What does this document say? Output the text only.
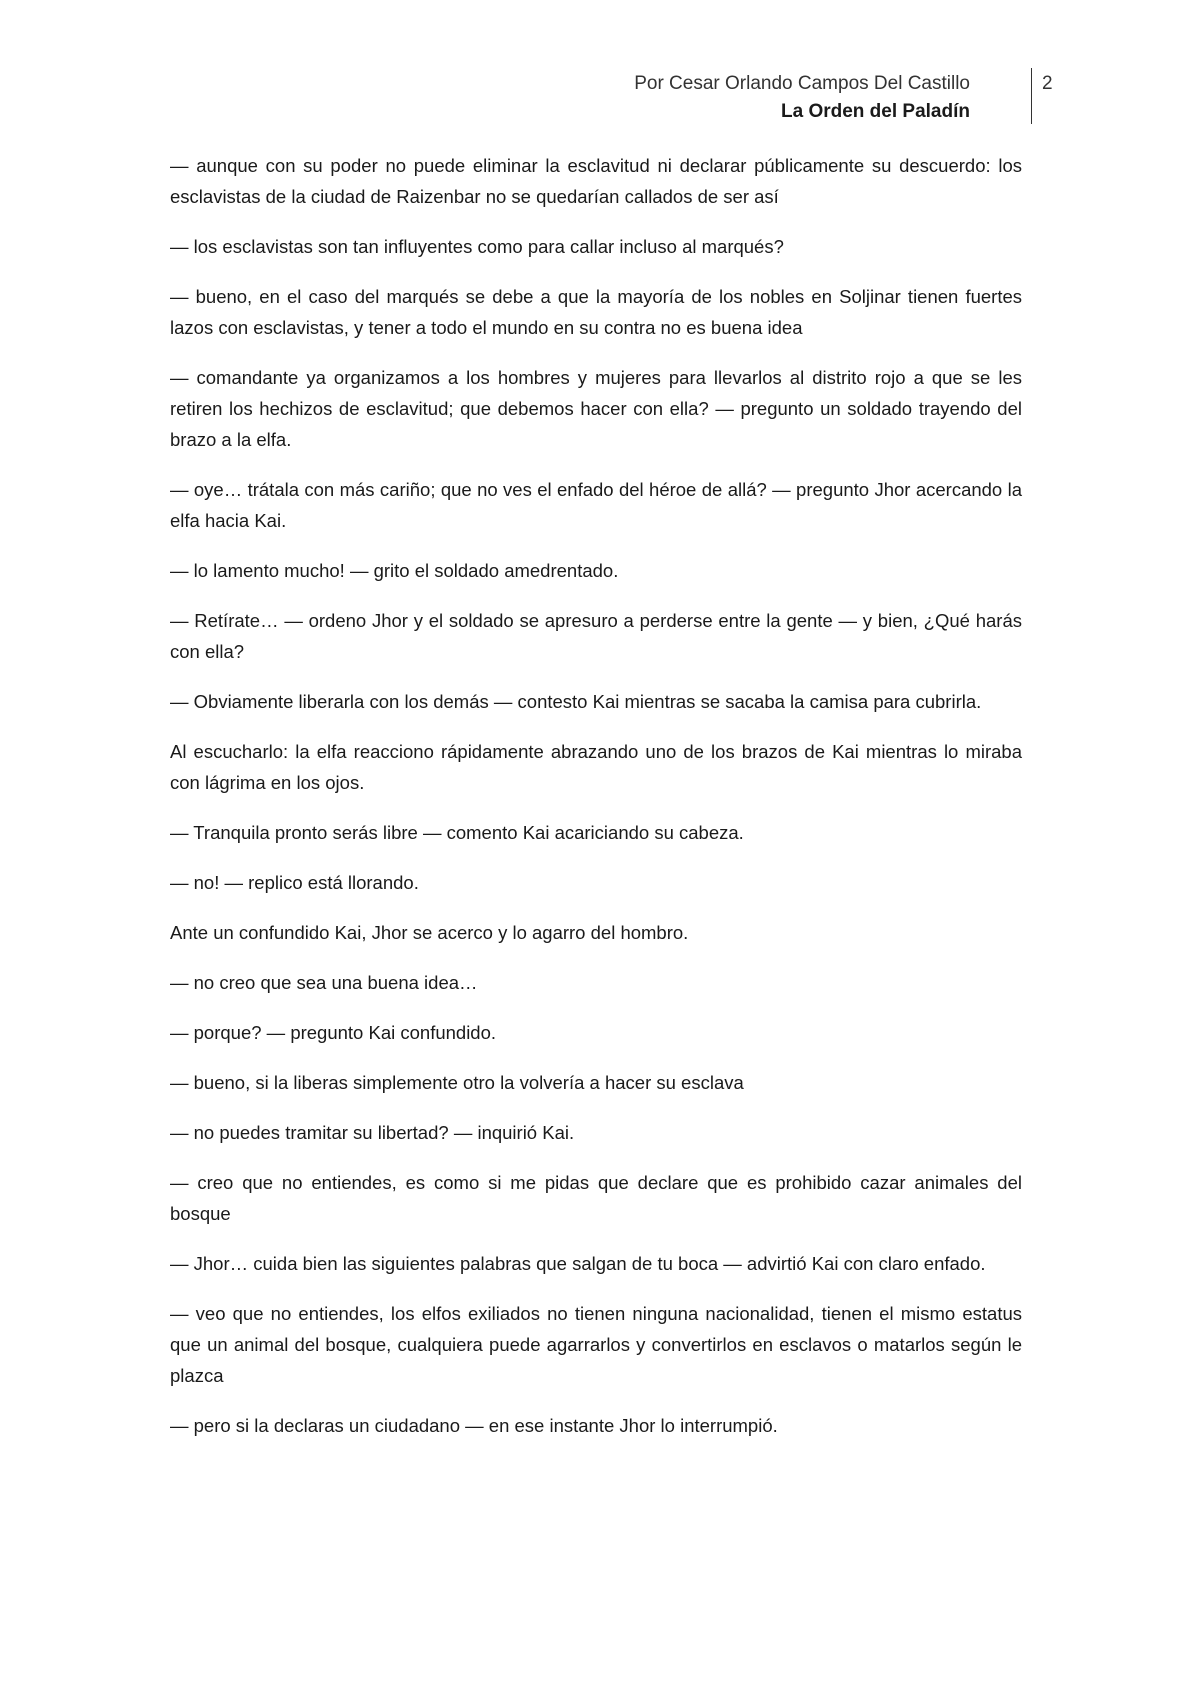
Por Cesar Orlando Campos Del Castillo
La Orden del Paladín
2

— aunque con su poder no puede eliminar la esclavitud ni declarar públicamente su descuerdo: los esclavistas de la ciudad de Raizenbar no se quedarían callados de ser así

— los esclavistas son tan influyentes como para callar incluso al marqués?

— bueno, en el caso del marqués se debe a que la mayoría de los nobles en Soljinar tienen fuertes lazos con esclavistas, y tener a todo el mundo en su contra no es buena idea

— comandante ya organizamos a los hombres y mujeres para llevarlos al distrito rojo a que se les retiren los hechizos de esclavitud; que debemos hacer con ella? — pregunto un soldado trayendo del brazo a la elfa.

— oye… trátala con más cariño; que no ves el enfado del héroe de allá? — pregunto Jhor acercando la elfa hacia Kai.

— lo lamento mucho! — grito el soldado amedrentado.

— Retírate… — ordeno Jhor y el soldado se apresuro a perderse entre la gente — y bien, ¿Qué harás con ella?

— Obviamente liberarla con los demás — contesto Kai mientras se sacaba la camisa para cubrirla.

Al escucharlo: la elfa reacciono rápidamente abrazando uno de los brazos de Kai mientras lo miraba con lágrima en los ojos.

— Tranquila pronto serás libre — comento Kai acariciando su cabeza.

— no! — replico está llorando.

Ante un confundido Kai, Jhor se acerco y lo agarro del hombro.

— no creo que sea una buena idea…

— porque? — pregunto Kai confundido.

— bueno, si la liberas simplemente otro la volvería a hacer su esclava

— no puedes tramitar su libertad? — inquirió Kai.

— creo que no entiendes, es como si me pidas que declare que es prohibido cazar animales del bosque

— Jhor… cuida bien las siguientes palabras que salgan de tu boca — advirtió Kai con claro enfado.

— veo que no entiendes, los elfos exiliados no tienen ninguna nacionalidad, tienen el mismo estatus que un animal del bosque, cualquiera puede agarrarlos y convertirlos en esclavos o matarlos según le plazca

— pero si la declaras un ciudadano — en ese instante Jhor lo interrumpió.
